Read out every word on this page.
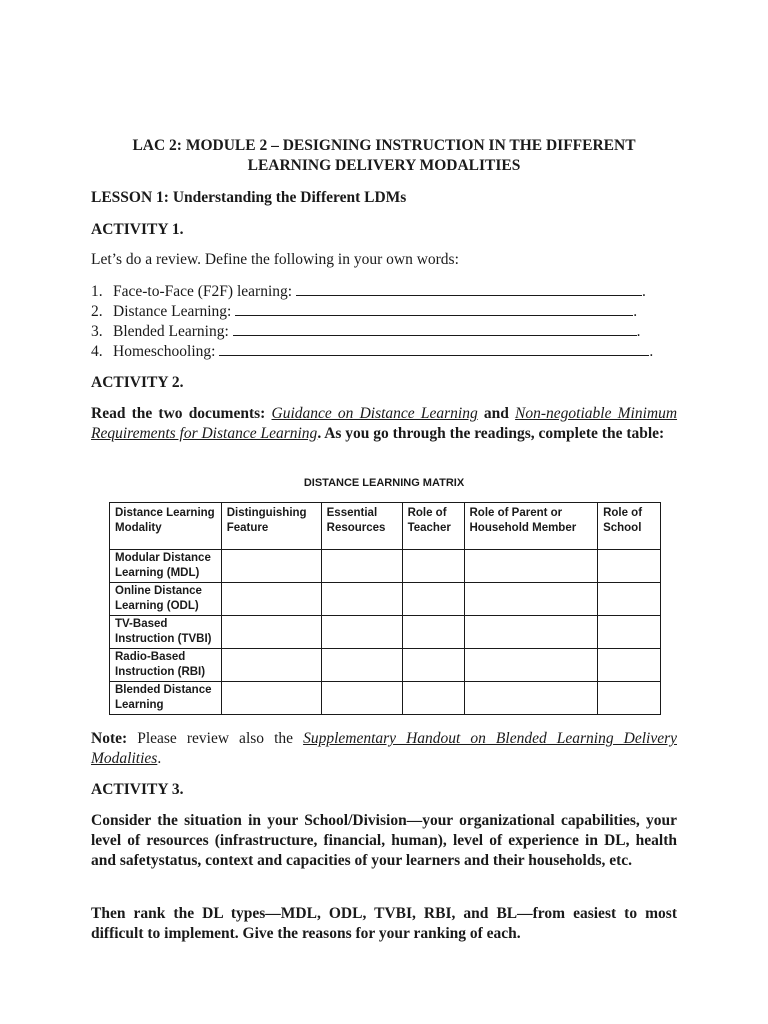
LAC 2: MODULE 2 – DESIGNING INSTRUCTION IN THE DIFFERENT
LEARNING DELIVERY MODALITIES
LESSON 1: Understanding the Different LDMs
ACTIVITY 1.
Let’s do a review. Define the following in your own words:
1. Face-to-Face (F2F) learning:	.
2. Distance Learning:	.
3. Blended Learning:	.
4. Homeschooling:	.
ACTIVITY 2.
Read the two documents: Guidance on Distance Learning and Non-negotiable Minimum Requirements for Distance Learning. As you go through the readings, complete the table:
DISTANCE LEARNING MATRIX
Distance Learning Modality	Distinguishing Feature	Essential Resources	Role of Teacher	Role of Parent or Household Member	Role of School
Modular Distance Learning (MDL)					
Online Distance Learning (ODL)					
TV-Based Instruction (TVBI)					
Radio-Based Instruction (RBI)					
Blended Distance Learning					
Note: Please review also the Supplementary Handout on Blended Learning Delivery Modalities.
ACTIVITY 3.
Consider the situation in your School/Division—your organizational capabilities, your level of resources (infrastructure, financial, human), level of experience in DL, health and safetystatus, context and capacities of your learners and their households, etc.
Then rank the DL types—MDL, ODL, TVBI, RBI, and BL—from easiest to most difficult to implement. Give the reasons for your ranking of each.
